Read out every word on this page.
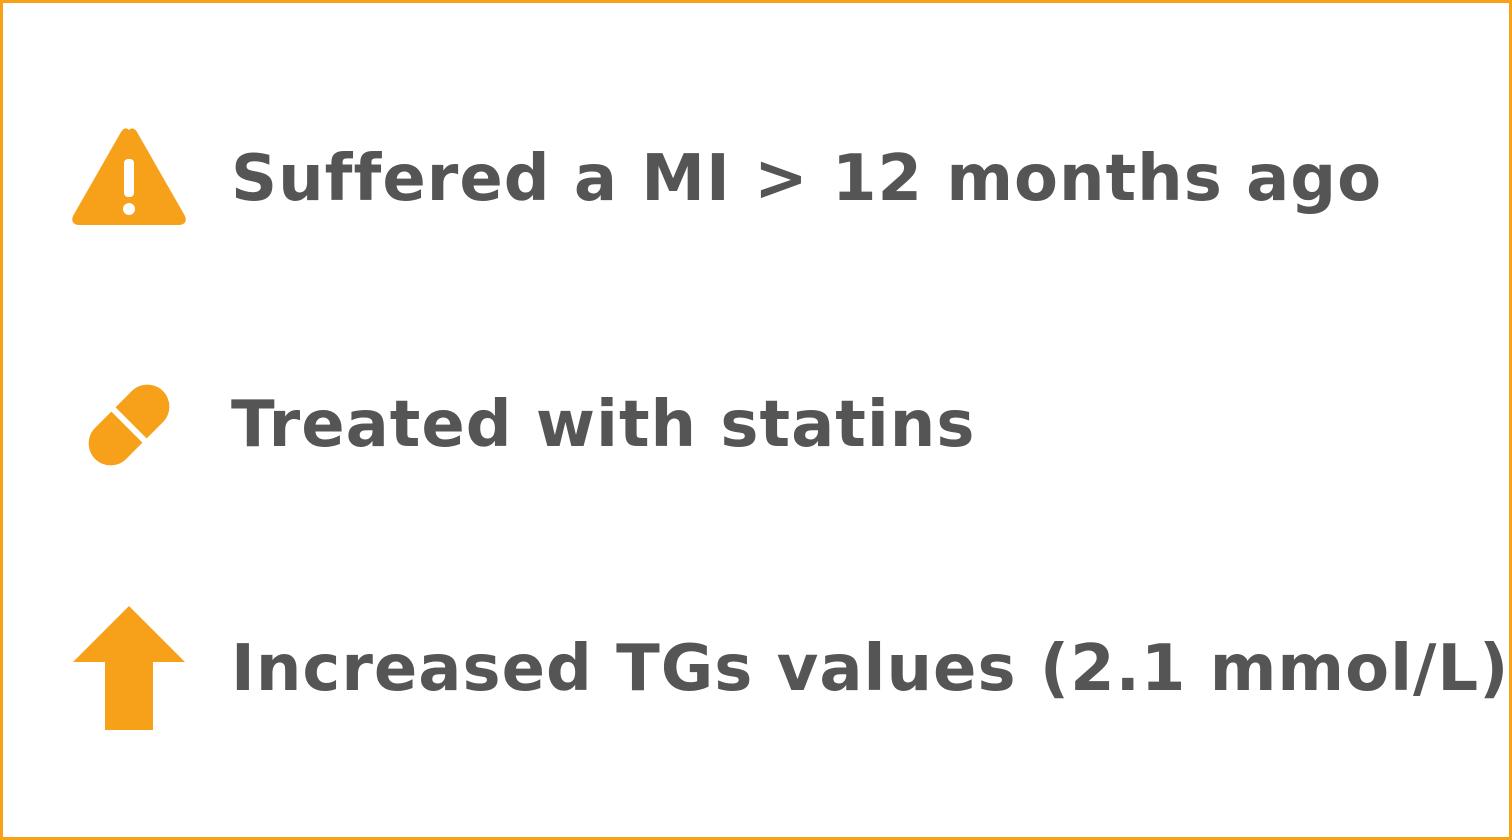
Suffered a MI > 12 months ago
Treated with statins
Increased TGs values (2.1 mmol/L)
